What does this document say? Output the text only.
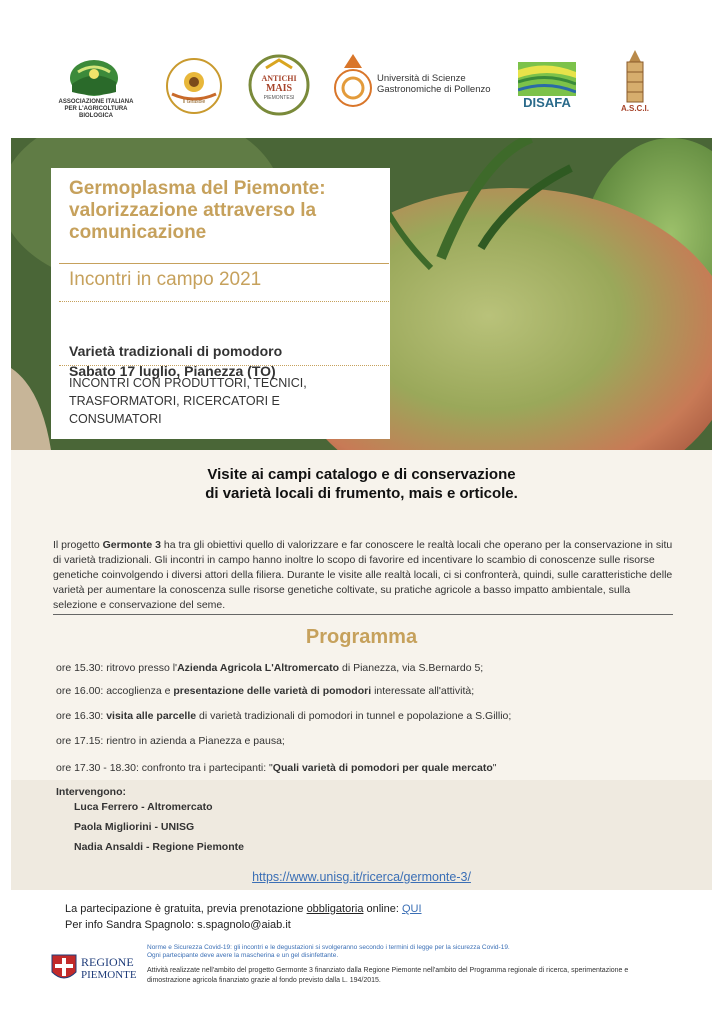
ASSOCIAZIONE ITALIANA PER L'AGRICOLTURA BIOLOGICA
Il Girasole
ANTICHI
MAIS
PIEMONTESI
Università di Scienze
Gastronomiche di Pollenzo
DISAFA	A.S.C.I.
Germoplasma del Piemonte: valorizzazione attraverso la comunicazione
Incontri in campo 2021
Varietà tradizionali di pomodoro
Sabato 17 luglio, Pianezza (TO)
INCONTRI CON PRODUTTORI, TECNICI, TRASFORMATORI, RICERCATORI E CONSUMATORI
Visite ai campi catalogo e di conservazione
di varietà locali di frumento, mais e orticole.
Il progetto Germonte 3 ha tra gli obiettivi quello di valorizzare e far conoscere le realtà locali che operano per la conservazione in situ di varietà tradizionali. Gli incontri in campo hanno inoltre lo scopo di favorire ed incentivare lo scambio di conoscenze sulle risorse genetiche coinvolgendo i diversi attori della filiera. Durante le visite alle realtà locali, ci si confronterà, quindi, sulle caratteristiche delle varietà per aumentare la conoscenza sulle risorse genetiche coltivate, su pratiche agricole a basso impatto ambientale, sulla selezione e conservazione del seme.
Programma
ore 15.30: ritrovo presso l'Azienda Agricola L'Altromercato di Pianezza, via S.Bernardo 5;
ore 16.00: accoglienza e presentazione delle varietà di pomodori interessate all'attività;
ore 16.30: visita alle parcelle di varietà tradizionali di pomodori in tunnel e popolazione a S.Gillio;
ore 17.15: rientro in azienda a Pianezza e pausa;
ore 17.30 - 18.30: confronto tra i partecipanti: "Quali varietà di pomodori per quale mercato"
Intervengono:
Luca Ferrero - Altromercato
Paola Migliorini - UNISG
Nadia Ansaldi - Regione Piemonte
https://www.unisg.it/ricerca/germonte-3/
La partecipazione è gratuita, previa prenotazione obbligatoria online: QUI
Per info Sandra Spagnolo: s.spagnolo@aiab.it
Norme e Sicurezza Covid-19: gli incontri e le degustazioni si svolgeranno secondo i termini di legge per la sicurezza Covid-19.
Ogni partecipante deve avere la mascherina e un gel disinfettante.
REGIONE
PIEMONTE Attività realizzate nell'ambito del progetto Germonte 3 finanziato dalla Regione Piemonte nell'ambito del Programma regionale di ricerca, sperimentazione e dimostrazione agricola finanziato grazie al fondo previsto dalla L. 194/2015.
